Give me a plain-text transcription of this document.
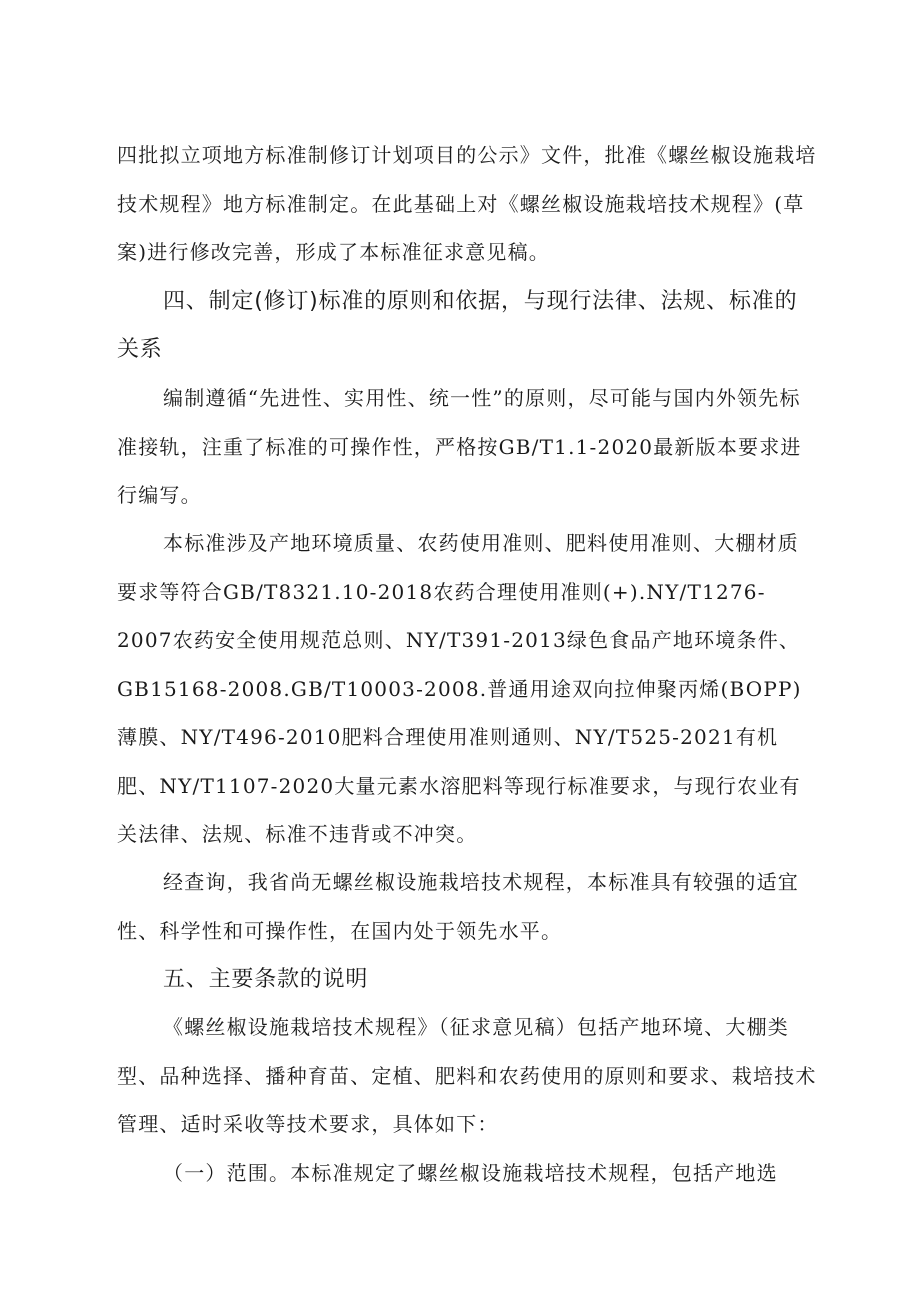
四批拟立项地方标准制修订计划项目的公示》文件，批准《螺丝椒设施栽培技术规程》地方标准制定。在此基础上对《螺丝椒设施栽培技术规程》(草案)进行修改完善，形成了本标准征求意见稿。

四、制定(修订)标准的原则和依据，与现行法律、法规、标准的关系

编制遵循“先进性、实用性、统一性”的原则，尽可能与国内外领先标准接轨，注重了标准的可操作性，严格按GB/T1.1-2020最新版本要求进行编写。

本标准涉及产地环境质量、农药使用准则、肥料使用准则、大棚材质要求等符合GB/T8321.10-2018农药合理使用准则(+).NY/T1276-2007农药安全使用规范总则、NY/T391-2013绿色食品产地环境条件、GB15168-2008.GB/T10003-2008.普通用途双向拉伸聚丙烯(BOPP)薄膜、NY/T496-2010肥料合理使用准则通则、NY/T525-2021有机肥、NY/T1107-2020大量元素水溶肥料等现行标准要求，与现行农业有关法律、法规、标准不违背或不冲突。

经查询，我省尚无螺丝椒设施栽培技术规程，本标准具有较强的适宜性、科学性和可操作性，在国内处于领先水平。

五、主要条款的说明

《螺丝椒设施栽培技术规程》（征求意见稿）包括产地环境、大棚类型、品种选择、播种育苗、定植、肥料和农药使用的原则和要求、栽培技术管理、适时采收等技术要求，具体如下：

（一）范围。本标准规定了螺丝椒设施栽培技术规程，包括产地选
